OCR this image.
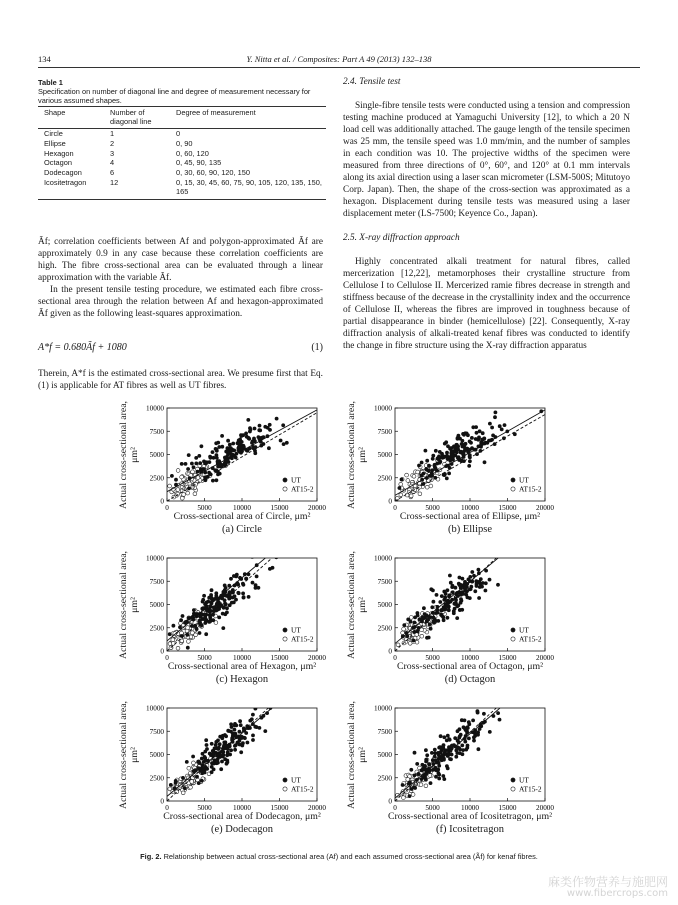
134	Y. Nitta et al. / Composites: Part A 49 (2013) 132–138
Table 1
Specification on number of diagonal line and degree of measurement necessary for various assumed shapes.
Shape	Number of diagonal line	Degree of measurement
Circle	1	0
Ellipse	2	0, 90
Hexagon	3	0, 60, 120
Octagon	4	0, 45, 90, 135
Dodecagon	6	0, 30, 60, 90, 120, 150
Icositetragon	12	0, 15, 30, 45, 60, 75, 90, 105, 120, 135, 150, 165
Ãf; correlation coefficients between Af and polygon-approximated Ãf are approximately 0.9 in any case because these correlation coefficients are high. The fibre cross-sectional area can be evaluated through a linear approximation with the variable Ãf.
In the present tensile testing procedure, we estimated each fibre cross-sectional area through the relation between Af and hexagon-approximated Ãf given as the following least-squares approximation.
A*f = 0.680Ãf + 1080	(1)
Therein, A*f is the estimated cross-sectional area. We presume first that Eq. (1) is applicable for AT fibres as well as UT fibres.
2.4. Tensile test
Single-fibre tensile tests were conducted using a tension and compression testing machine produced at Yamaguchi University [12], to which a 20 N load cell was additionally attached. The gauge length of the tensile specimen was 25 mm, the tensile speed was 1.0 mm/min, and the number of samples in each condition was 10. The projective widths of the specimen were measured from three directions of 0°, 60°, and 120° at 0.1 mm intervals along its axial direction using a laser scan micrometer (LSM-500S; Mitutoyo Corp. Japan). Then, the shape of the cross-section was approximated as a hexagon. Displacement during tensile tests was measured using a laser displacement meter (LS-7500; Keyence Co., Japan).
2.5. X-ray diffraction approach
Highly concentrated alkali treatment for natural fibres, called mercerization [12,22], metamorphoses their crystalline structure from Cellulose I to Cellulose II. Mercerized ramie fibres decrease in strength and stiffness because of the decrease in the crystallinity index and the occurrence of Cellulose II, whereas the fibres are improved in toughness because of partial disappearance in binder (hemicellulose) [22]. Consequently, X-ray diffraction analysis of alkali-treated kenaf fibres was conducted to identify the change in fibre structure using the X-ray diffraction apparatus
0	5000	10000	15000	20000
0
2500
5000
7500
10000
UT
AT15-2
Cross-sectional area of Circle, μm²
(a) Circle
Actual cross-sectional area, μm²
0	5000	10000	15000	20000
0
2500
5000
7500
10000
UT
AT15-2
Cross-sectional area of Ellipse, μm²
(b) Ellipse
Actual cross-sectional area, μm²
0	5000	10000	15000	20000
0
2500
5000
7500
10000
UT
AT15-2
Cross-sectional area of Hexagon, μm²
(c) Hexagon
Actual cross-sectional area, μm²
0	5000	10000	15000	20000
0
2500
5000
7500
10000
UT
AT15-2
Cross-sectional area of Octagon, μm²
(d) Octagon
Actual cross-sectional area, μm²
0	5000	10000	15000	20000
0
2500
5000
7500
10000
UT
AT15-2
Cross-sectional area of Dodecagon, μm²
(e) Dodecagon
Actual cross-sectional area, μm²
0	5000	10000	15000	20000
0
2500
5000
7500
10000
UT
AT15-2
Cross-sectional area of Icositetragon, μm²
(f) Icositetragon
Actual cross-sectional area, μm²
Fig. 2. Relationship between actual cross-sectional area (Af) and each assumed cross-sectional area (Ãf) for kenaf fibres.
麻类作物营养与施肥网
www.fibercrops.com
